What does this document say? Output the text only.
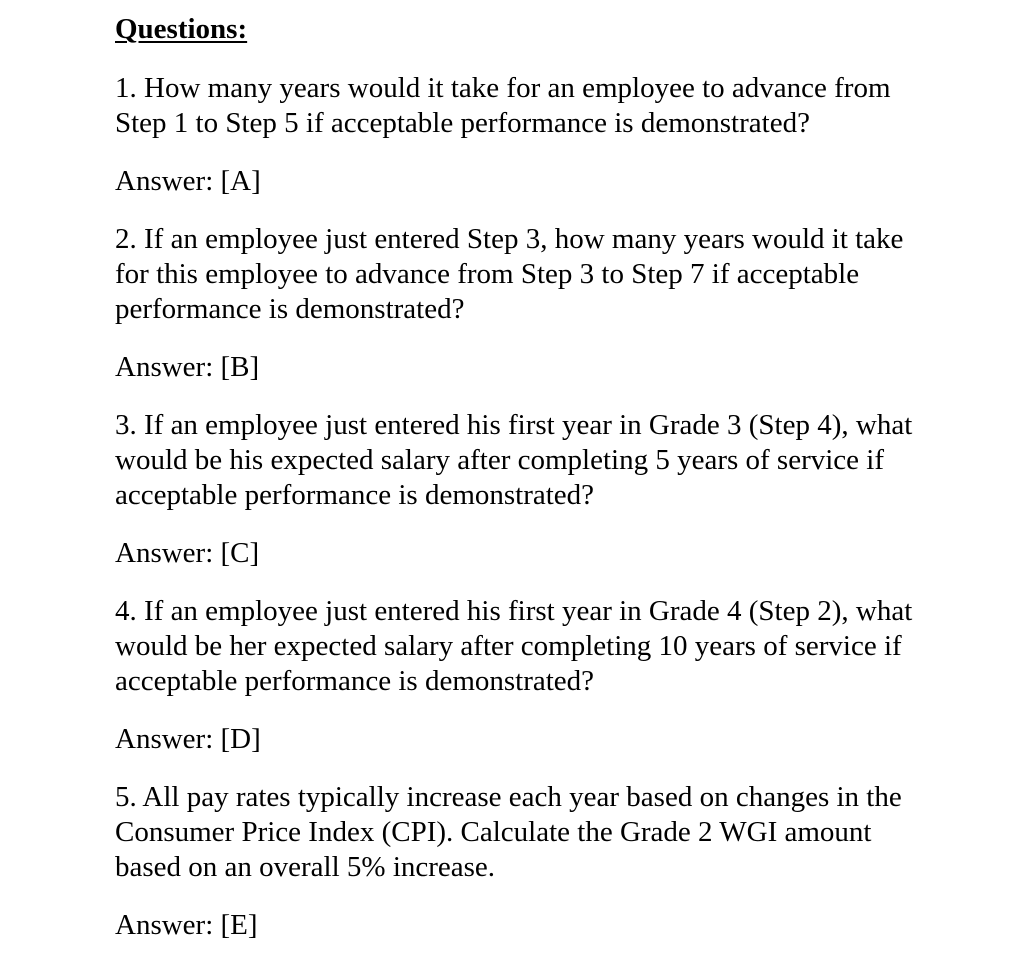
Questions:
1. How many years would it take for an employee to advance from Step 1 to Step 5 if acceptable performance is demonstrated?
Answer: [A]
2. If an employee just entered Step 3, how many years would it take for this employee to advance from Step 3 to Step 7 if acceptable performance is demonstrated?
Answer: [B]
3. If an employee just entered his first year in Grade 3 (Step 4), what would be his expected salary after completing 5 years of service if acceptable performance is demonstrated?
Answer: [C]
4. If an employee just entered his first year in Grade 4 (Step 2), what would be her expected salary after completing 10 years of service if acceptable performance is demonstrated?
Answer: [D]
5. All pay rates typically increase each year based on changes in the Consumer Price Index (CPI). Calculate the Grade 2 WGI amount based on an overall 5% increase.
Answer: [E]
